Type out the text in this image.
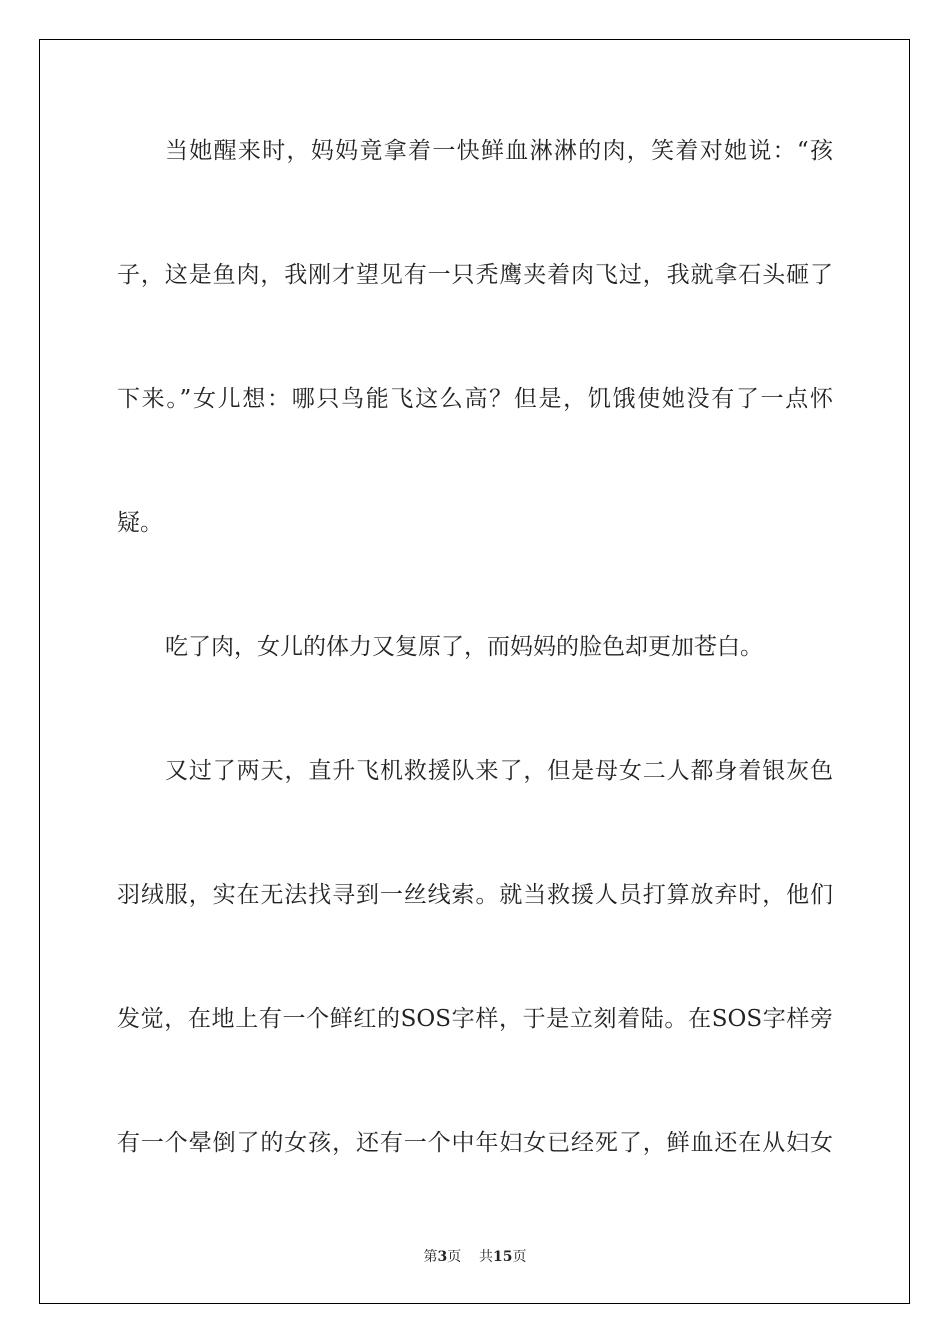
当她醒来时，妈妈竟拿着一快鲜血淋淋的肉，笑着对她说：“孩
子，这是鱼肉，我刚才望见有一只秃鹰夹着肉飞过，我就拿石头砸了
下来。”女儿想：哪只鸟能飞这么高？但是，饥饿使她没有了一点怀
疑。
吃了肉，女儿的体力又复原了，而妈妈的脸色却更加苍白。
又过了两天，直升飞机救援队来了，但是母女二人都身着银灰色
羽绒服，实在无法找寻到一丝线索。就当救援人员打算放弃时，他们
发觉，在地上有一个鲜红的SOS字样，于是立刻着陆。在SOS字样旁
有一个晕倒了的女孩，还有一个中年妇女已经死了，鲜血还在从妇女
第3页 共15页
